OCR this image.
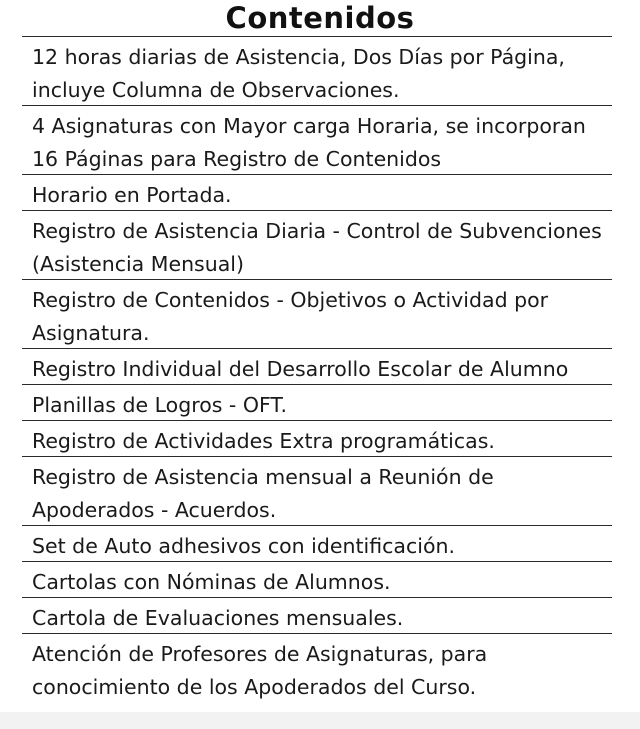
Contenidos
12 horas diarias de Asistencia, Dos Días por Página, incluye Columna de Observaciones.
4 Asignaturas con Mayor carga Horaria, se incorporan 16 Páginas para Registro de Contenidos
Horario en Portada.
Registro de Asistencia Diaria - Control de Subvenciones (Asistencia Mensual)
Registro de Contenidos - Objetivos o Actividad por Asignatura.
Registro Individual del Desarrollo Escolar de Alumno
Planillas de Logros - OFT.
Registro de Actividades Extra programáticas.
Registro de Asistencia mensual a Reunión de Apoderados - Acuerdos.
Set de Auto adhesivos con identificación.
Cartolas con Nóminas de Alumnos.
Cartola de Evaluaciones mensuales.
Atención de Profesores de Asignaturas, para conocimiento de los Apoderados del Curso.
